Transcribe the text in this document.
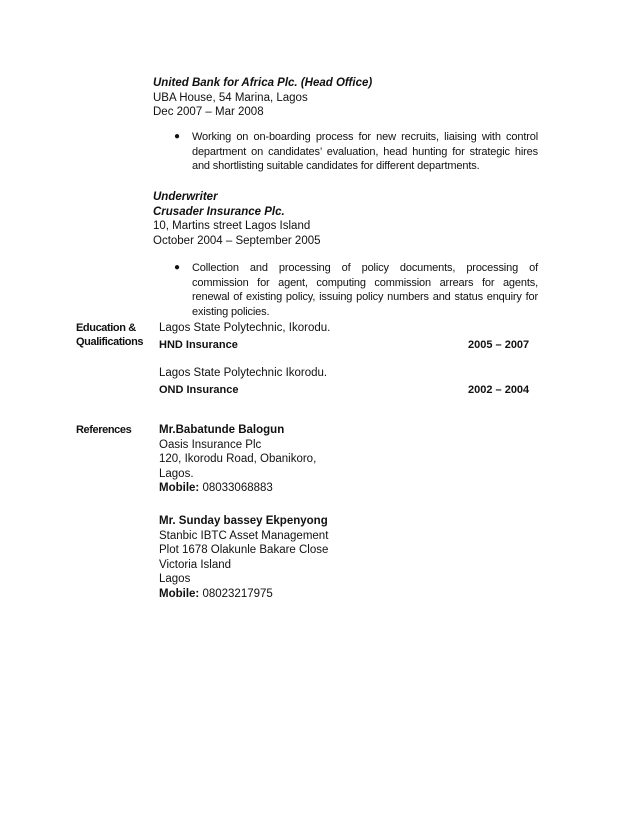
United Bank for Africa Plc. (Head Office)
UBA House, 54 Marina, Lagos
Dec 2007 – Mar 2008
● Working on on-boarding process for new recruits, liaising with control department on candidates’ evaluation, head hunting for strategic hires and shortlisting suitable candidates for different departments.
Underwriter
Crusader Insurance Plc.
10, Martins street Lagos Island
October 2004 – September 2005
● Collection and processing of policy documents, processing of commission for agent, computing commission arrears for agents, renewal of existing policy, issuing policy numbers and status enquiry for existing policies.
Education &
Qualifications
Lagos State Polytechnic, Ikorodu.
HND Insurance	2005 – 2007
Lagos State Polytechnic Ikorodu.
OND Insurance	2002 – 2004
References Mr.Babatunde Balogun
Oasis Insurance Plc
120, Ikorodu Road, Obanikoro,
Lagos.
Mobile: 08033068883
Mr. Sunday bassey Ekpenyong
Stanbic IBTC Asset Management
Plot 1678 Olakunle Bakare Close
Victoria Island
Lagos
Mobile: 08023217975
